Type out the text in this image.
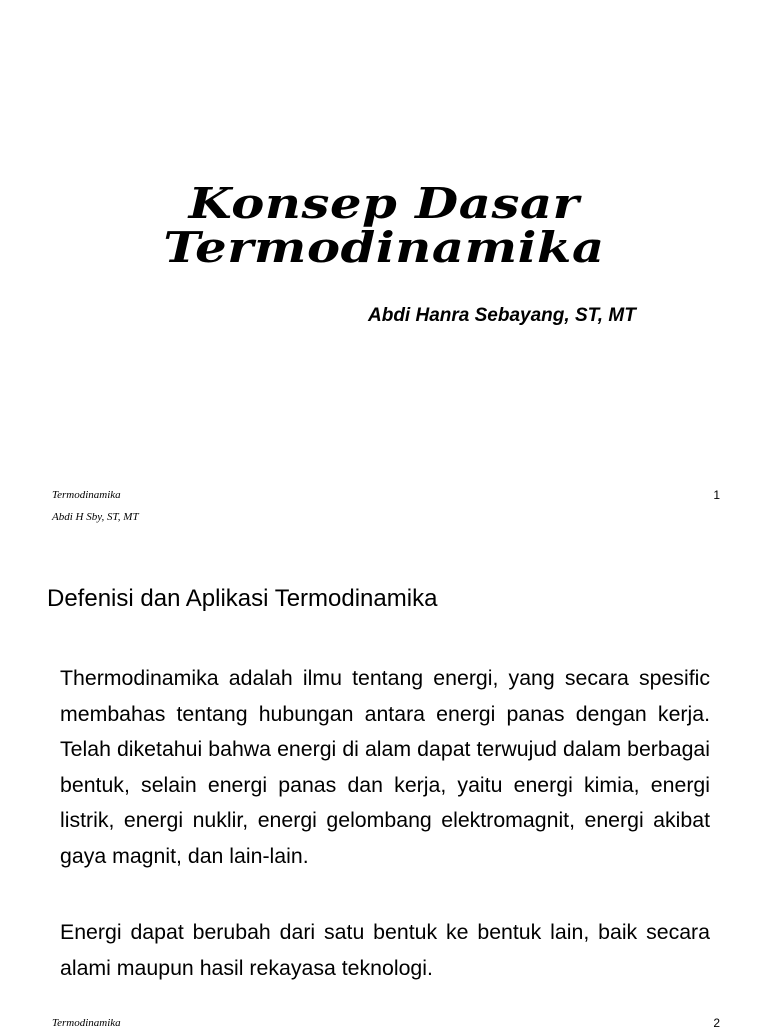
Konsep Dasar
Termodinamika
Abdi Hanra Sebayang, ST, MT
Termodinamika
Abdi H Sby, ST, MT
1
Defenisi dan Aplikasi Termodinamika

Thermodinamika adalah ilmu tentang energi, yang secara spesific membahas tentang hubungan antara energi panas dengan kerja. Telah diketahui bahwa energi di alam dapat terwujud dalam berbagai bentuk, selain energi panas dan kerja, yaitu energi kimia, energi listrik, energi nuklir, energi gelombang elektromagnit, energi akibat gaya magnit, dan lain-lain.

Energi dapat berubah dari satu bentuk ke bentuk lain, baik secara alami maupun hasil rekayasa teknologi.

Termodinamika	2
